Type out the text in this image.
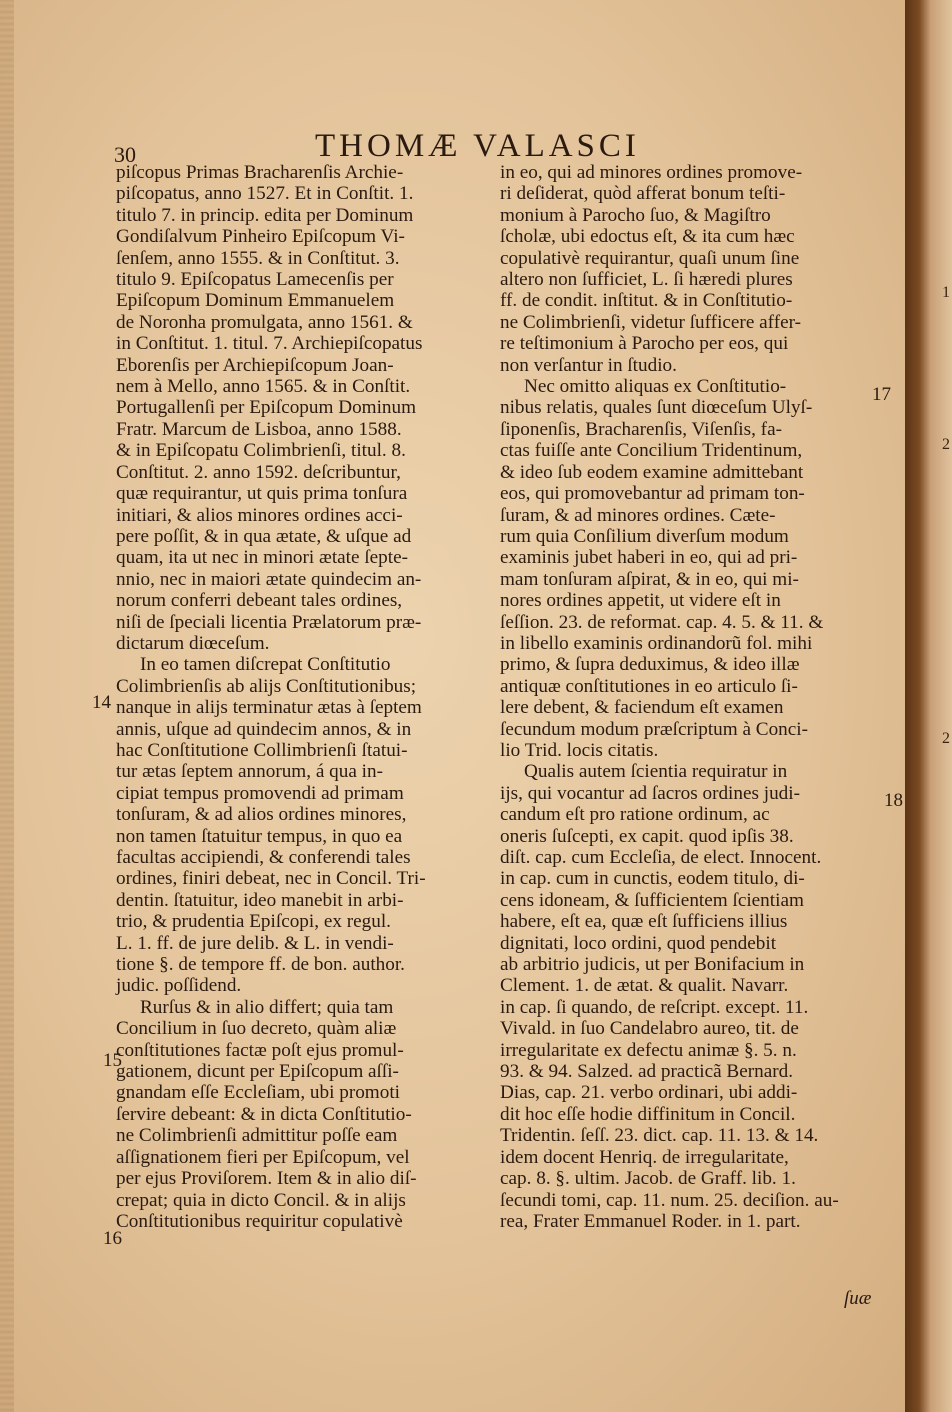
30	THOMÆ VALASCI

piſcopus Primas Bracharenſis Archie-
piſcopatus, anno 1527. Et in Conſtit. 1.
titulo 7. in princip. edita per Dominum
Gondiſalvum Pinheiro Epiſcopum Vi-
ſenſem, anno 1555. & in Conſtitut. 3.
titulo 9. Epiſcopatus Lamecenſis per
Epiſcopum Dominum Emmanuelem
de Noronha promulgata, anno 1561. &
in Conſtitut. 1. titul. 7. Archiepiſcopatus
Eborenſis per Archiepiſcopum Joan-
nem à Mello, anno 1565. & in Conſtit.
Portugallenſi per Epiſcopum Dominum
Fratr. Marcum de Lisboa, anno 1588.
& in Epiſcopatu Colimbrienſi, titul. 8.
Conſtitut. 2. anno 1592. deſcribuntur,
quæ requirantur, ut quis prima tonſura
initiari, & alios minores ordines acci-
pere poſſit, & in qua ætate, & uſque ad
quam, ita ut nec in minori ætate ſepte-
nnio, nec in maiori ætate quindecim an-
norum conferri debeant tales ordines,
niſi de ſpeciali licentia Prælatorum præ-
dictarum diœceſum.

In eo tamen diſcrepat Conſtitutio
Colimbrienſis ab alijs Conſtitutionibus;
nanque in alijs terminatur ætas à ſeptem
annis, uſque ad quindecim annos, & in
hac Conſtitutione Collimbrienſi ſtatui-
tur ætas ſeptem annorum, á qua in-
cipiat tempus promovendi ad primam
tonſuram, & ad alios ordines minores,
non tamen ſtatuitur tempus, in quo ea
facultas accipiendi, & conferendi tales
ordines, finiri debeat, nec in Concil. Tri-
dentin. ſtatuitur, ideo manebit in arbi-
trio, & prudentia Epiſcopi, ex regul.
L. 1. ff. de jure delib. & L. in vendi-
tione §. de tempore ff. de bon. author.
judic. poſſidend.

Rurſus & in alio differt; quia tam
Concilium in ſuo decreto, quàm aliæ
conſtitutiones factæ poſt ejus promul-
gationem, dicunt per Epiſcopum aſſi-
gnandam eſſe Eccleſiam, ubi promoti
ſervire debeant: & in dicta Conſtitutio-
ne Colimbrienſi admittitur poſſe eam
aſſignationem fieri per Epiſcopum, vel
per ejus Proviſorem. Item & in alio diſ-
crepat; quia in dicto Concil. & in alijs
Conſtitutionibus requiritur copulativè

14
15
16

in eo, qui ad minores ordines promove-
ri deſiderat, quòd afferat bonum teſti-
monium à Parocho ſuo, & Magiſtro
ſcholæ, ubi edoctus eſt, & ita cum hæc
copulativè requirantur, quaſi unum ſine
altero non ſufficiet, L. ſi hæredi plures
ff. de condit. inſtitut. & in Conſtitutio-
ne Colimbrienſi, videtur ſufficere affer-
re teſtimonium à Parocho per eos, qui
non verſantur in ſtudio.

Nec omitto aliquas ex Conſtitutio-
nibus relatis, quales ſunt diœceſum Ulyſ-
ſiponenſis, Bracharenſis, Viſenſis, fa-
ctas fuiſſe ante Concilium Tridentinum,
& ideo ſub eodem examine admittebant
eos, qui promovebantur ad primam ton-
ſuram, & ad minores ordines. Cæte-
rum quia Conſilium diverſum modum
examinis jubet haberi in eo, qui ad pri-
mam tonſuram aſpirat, & in eo, qui mi-
nores ordines appetit, ut videre eſt in
ſeſſion. 23. de reformat. cap. 4. 5. & 11. &
in libello examinis ordinandorũ fol. mihi
primo, & ſupra deduximus, & ideo illæ
antiquæ conſtitutiones in eo articulo ſi-
lere debent, & faciendum eſt examen
ſecundum modum præſcriptum à Conci-
lio Trid. locis citatis.

Qualis autem ſcientia requiratur in
ijs, qui vocantur ad ſacros ordines judi-
candum eſt pro ratione ordinum, ac
oneris ſuſcepti, ex capit. quod ipſis 38.
diſt. cap. cum Eccleſia, de elect. Innocent.
in cap. cum in cunctis, eodem titulo, di-
cens idoneam, & ſufficientem ſcientiam
habere, eſt ea, quæ eſt ſufficiens illius
dignitati, loco ordini, quod pendebit
ab arbitrio judicis, ut per Bonifacium in
Clement. 1. de ætat. & qualit. Navarr.
in cap. ſi quando, de reſcript. except. 11.
Vivald. in ſuo Candelabro aureo, tit. de
irregularitate ex defectu animæ §. 5. n.
93. & 94. Salzed. ad practicã Bernard.
Dias, cap. 21. verbo ordinari, ubi addi-
dit hoc eſſe hodie diffinitum in Concil.
Tridentin. ſeſſ. 23. dict. cap. 11. 13. & 14.
idem docent Henriq. de irregularitate,
cap. 8. §. ultim. Jacob. de Graff. lib. 1.
ſecundi tomi, cap. 11. num. 25. deciſion. au-
rea, Frater Emmanuel Roder. in 1. part.

17
18
ſuæ
1
2
2
